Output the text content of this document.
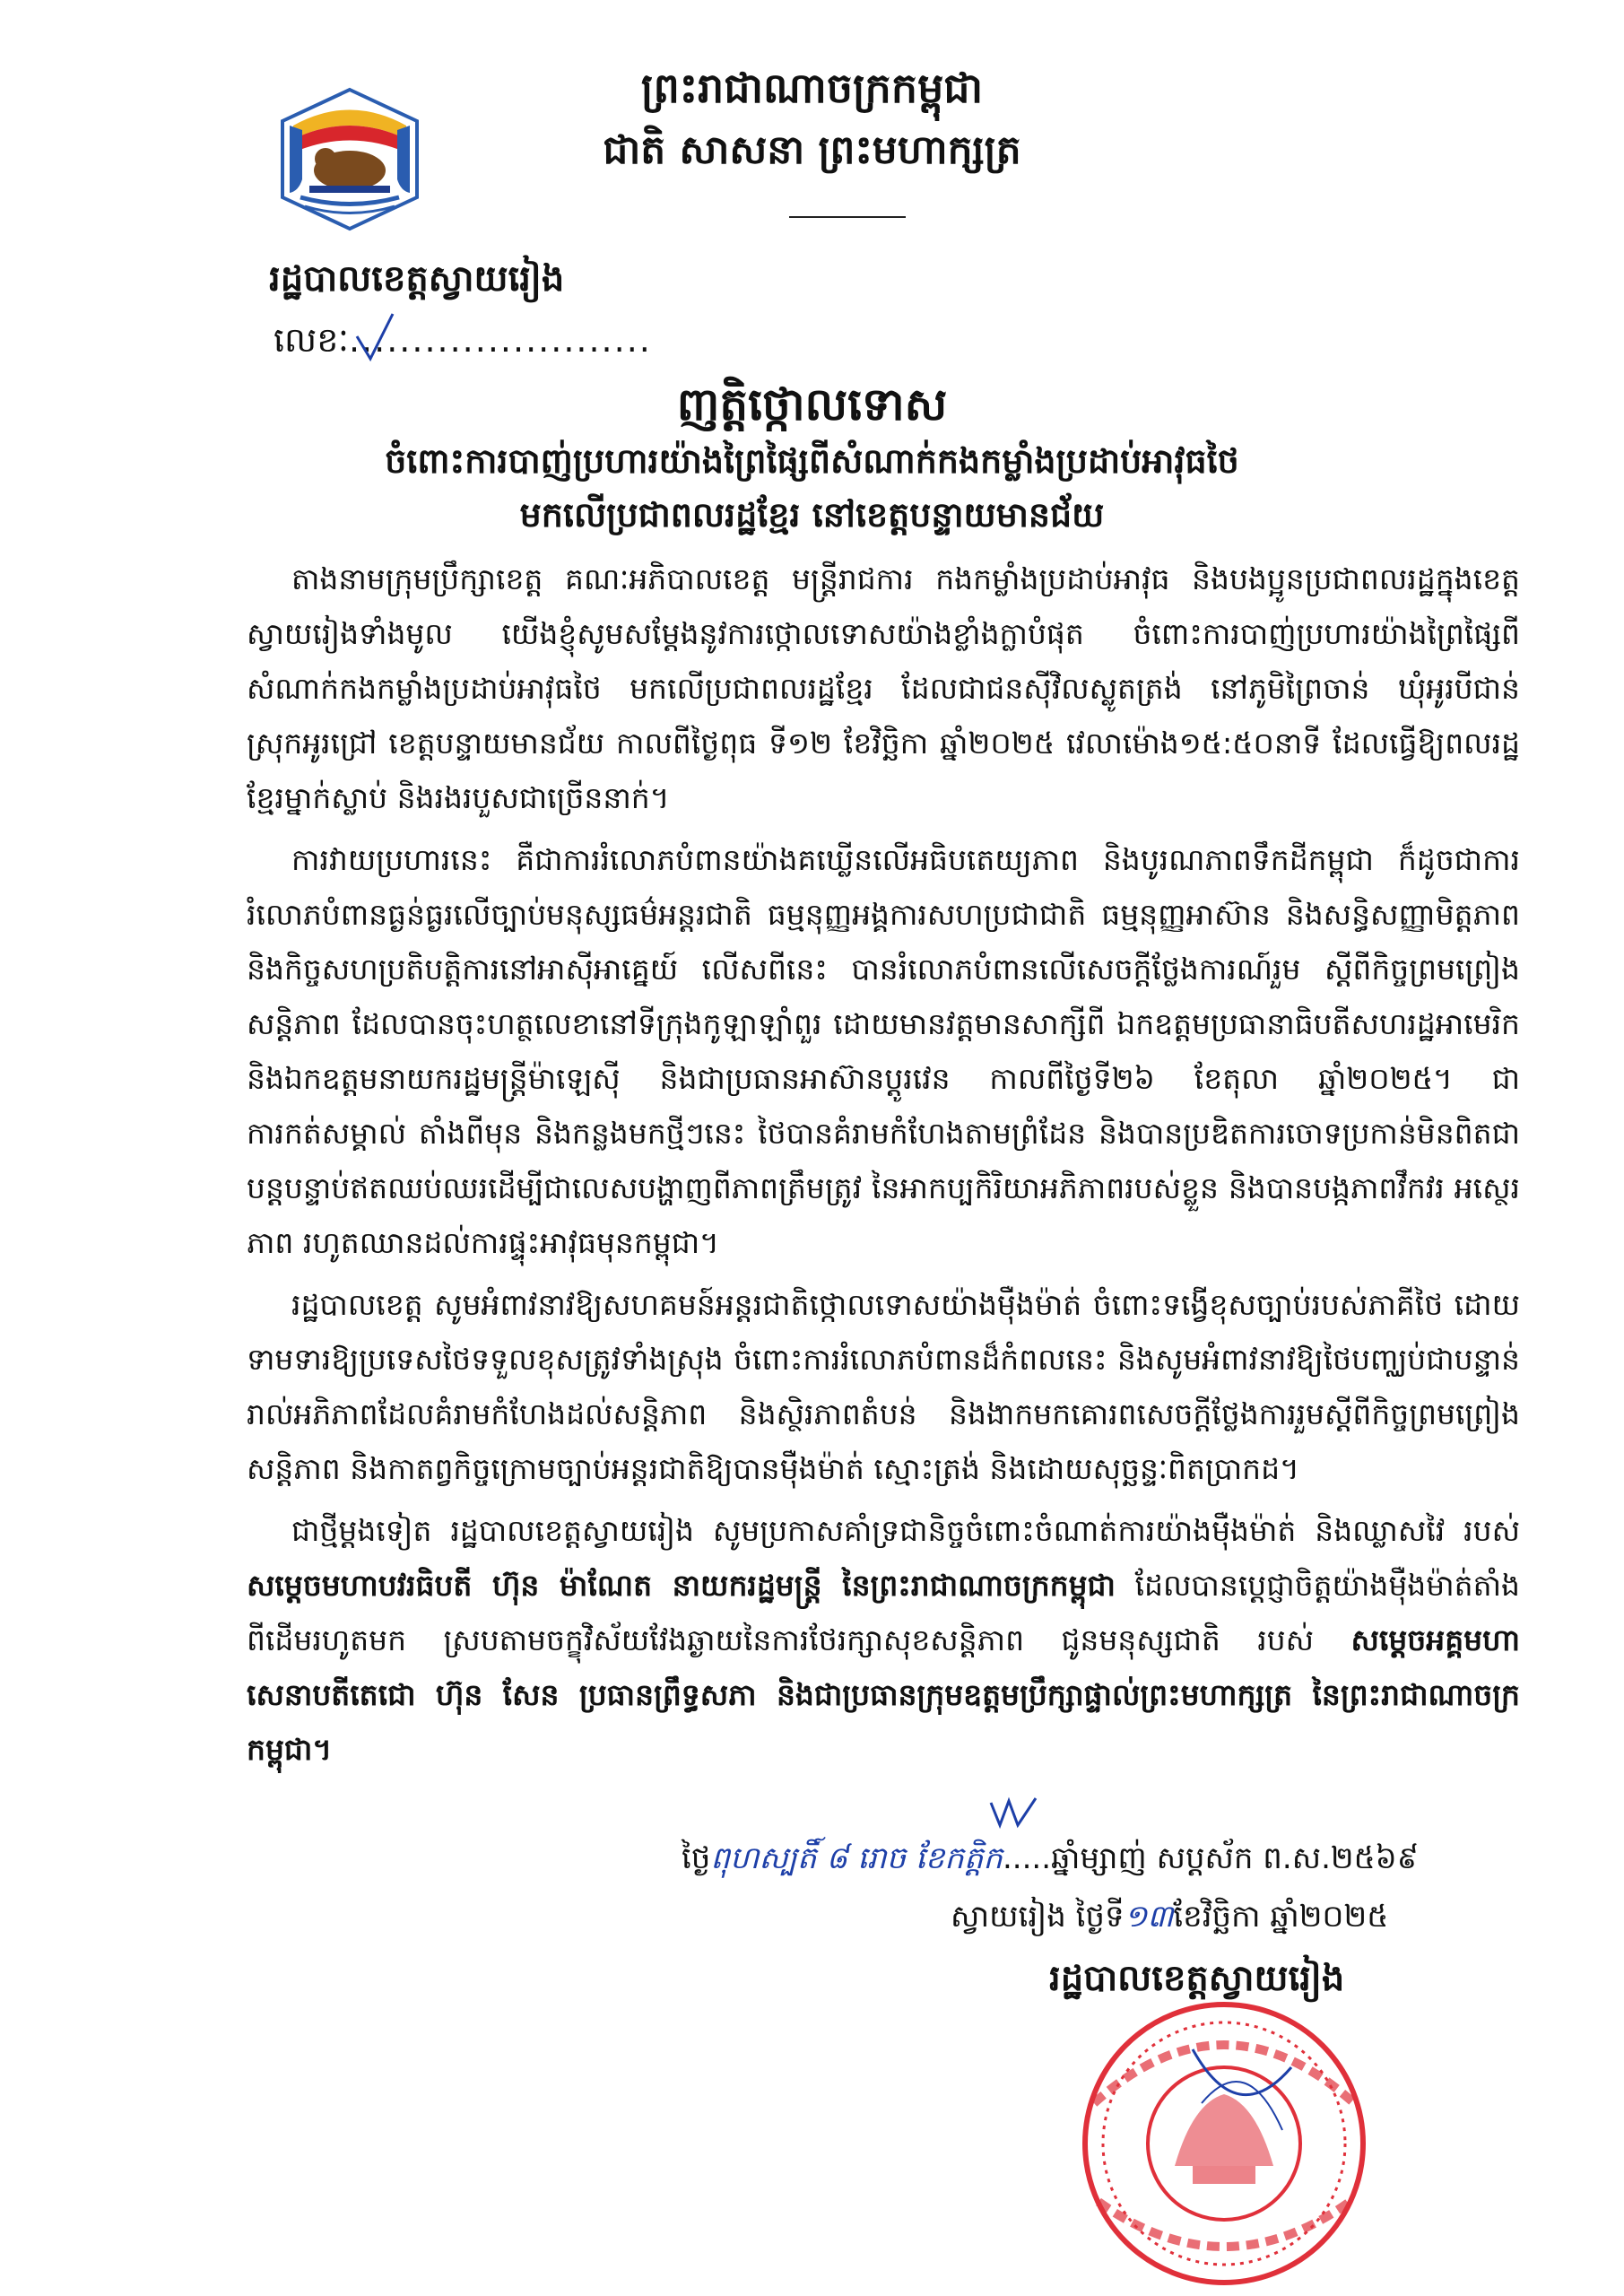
ព្រះរាជាណាចក្រកម្ពុជា
ជាតិ សាសនា ព្រះមហាក្សត្រ
រដ្ឋបាលខេត្តស្វាយរៀង
លេខៈ........................
ញត្តិថ្កោលទោស
ចំពោះការបាញ់ប្រហារយ៉ាងព្រៃផ្សៃពីសំណាក់កងកម្លាំងប្រដាប់អាវុធថៃ
មកលើប្រជាពលរដ្ឋខ្មែរ នៅខេត្តបន្ទាយមានជ័យ

តាងនាមក្រុមប្រឹក្សាខេត្ត គណៈអភិបាលខេត្ត មន្ត្រីរាជការ កងកម្លាំងប្រដាប់អាវុធ និងបងប្អូនប្រជាពលរដ្ឋក្នុងខេត្តស្វាយរៀងទាំងមូល យើងខ្ញុំសូមសម្តែងនូវការថ្កោលទោសយ៉ាងខ្លាំងក្លាបំផុត ចំពោះការបាញ់ប្រហារយ៉ាងព្រៃផ្សៃពីសំណាក់កងកម្លាំងប្រដាប់អាវុធថៃ មកលើប្រជាពលរដ្ឋខ្មែរ ដែលជាជនស៊ីវិលស្លូតត្រង់ នៅភូមិព្រៃចាន់ ឃុំអូរបីជាន់ ស្រុកអូរជ្រៅ ខេត្តបន្ទាយមានជ័យ កាលពីថ្ងៃពុធ ទី១២ ខែវិច្ឆិកា ឆ្នាំ២០២៥ វេលាម៉ោង១៥:៥០នាទី ដែលធ្វើឱ្យពលរដ្ឋខ្មែរម្នាក់ស្លាប់ និងរងរបួសជាច្រើននាក់។

ការវាយប្រហារនេះ គឺជាការរំលោភបំពានយ៉ាងគឃ្លើនលើអធិបតេយ្យភាព និងបូរណភាពទឹកដីកម្ពុជា ក៏ដូចជាការរំលោភបំពានធ្ងន់ធ្ងរលើច្បាប់មនុស្សធម៌អន្តរជាតិ ធម្មនុញ្ញអង្គការសហប្រជាជាតិ ធម្មនុញ្ញអាស៊ាន និងសន្ធិសញ្ញាមិត្តភាព និងកិច្ចសហប្រតិបត្តិការនៅអាស៊ីអាគ្នេយ៍ លើសពីនេះ បានរំលោភបំពានលើសេចក្តីថ្លែងការណ៍រួម ស្តីពីកិច្ចព្រមព្រៀងសន្តិភាព ដែលបានចុះហត្ថលេខានៅទីក្រុងកូឡាឡាំពួរ ដោយមានវត្តមានសាក្សីពី ឯកឧត្តមប្រធានាធិបតីសហរដ្ឋអាមេរិក និងឯកឧត្តមនាយករដ្ឋមន្ត្រីម៉ាឡេស៊ី និងជាប្រធានអាស៊ានប្តូរវេន កាលពីថ្ងៃទី២៦ ខែតុលា ឆ្នាំ២០២៥។ ជាការកត់សម្គាល់ តាំងពីមុន និងកន្លងមកថ្មីៗនេះ ថៃបានគំរាមកំហែងតាមព្រំដែន និងបានប្រឌិតការចោទប្រកាន់មិនពិតជាបន្តបន្ទាប់ឥតឈប់ឈរដើម្បីជាលេសបង្ហាញពីភាពត្រឹមត្រូវ នៃអាកប្បកិរិយាអភិភាពរបស់ខ្លួន និងបានបង្កភាពវឹកវរ អស្ថេរភាព រហូតឈានដល់ការផ្ទុះអាវុធមុនកម្ពុជា។

រដ្ឋបាលខេត្ត សូមអំពាវនាវឱ្យសហគមន៍អន្តរជាតិថ្កោលទោសយ៉ាងម៉ឺងម៉ាត់ ចំពោះទង្វើខុសច្បាប់របស់ភាគីថៃ ដោយទាមទារឱ្យប្រទេសថៃទទួលខុសត្រូវទាំងស្រុង ចំពោះការរំលោភបំពានដ៏កំពលនេះ និងសូមអំពាវនាវឱ្យថៃបញ្ឈប់ជាបន្ទាន់រាល់អភិភាពដែលគំរាមកំហែងដល់សន្តិភាព និងស្ថិរភាពតំបន់ និងងាកមកគោរពសេចក្តីថ្លែងការរួមស្តីពីកិច្ចព្រមព្រៀងសន្តិភាព និងកាតព្វកិច្ចក្រោមច្បាប់អន្តរជាតិឱ្យបានម៉ឺងម៉ាត់ ស្មោះត្រង់ និងដោយសុច្ឆន្ទៈពិតប្រាកដ។

ជាថ្មីម្តងទៀត រដ្ឋបាលខេត្តស្វាយរៀង សូមប្រកាសគាំទ្រជានិច្ចចំពោះចំណាត់ការយ៉ាងម៉ឺងម៉ាត់ និងឈ្លាសវៃ របស់ សម្តេចមហាបវរធិបតី ហ៊ុន ម៉ាណែត នាយករដ្ឋមន្ត្រី នៃព្រះរាជាណាចក្រកម្ពុជា ដែលបានប្តេជ្ញាចិត្តយ៉ាងម៉ឺងម៉ាត់តាំងពីដើមរហូតមក ស្របតាមចក្ខុវិស័យវែងឆ្ងាយនៃការថែរក្សាសុខសន្តិភាព ជូនមនុស្សជាតិ របស់ សម្តេចអគ្គមហាសេនាបតីតេជោ ហ៊ុន សែន ប្រធានព្រឹទ្ធសភា និងជាប្រធានក្រុមឧត្តមប្រឹក្សាផ្ទាល់ព្រះមហាក្សត្រ នៃព្រះរាជាណាចក្រកម្ពុជា។

ថ្ងៃពុហស្បតិ៍ ៨ រោច ខែកត្តិក.....ឆ្នាំម្សាញ់ សប្តស័ក ព.ស.២៥៦៩
ស្វាយរៀង ថ្ងៃទី១៣ខែវិច្ឆិកា ឆ្នាំ២០២៥
រដ្ឋបាលខេត្តស្វាយរៀង
